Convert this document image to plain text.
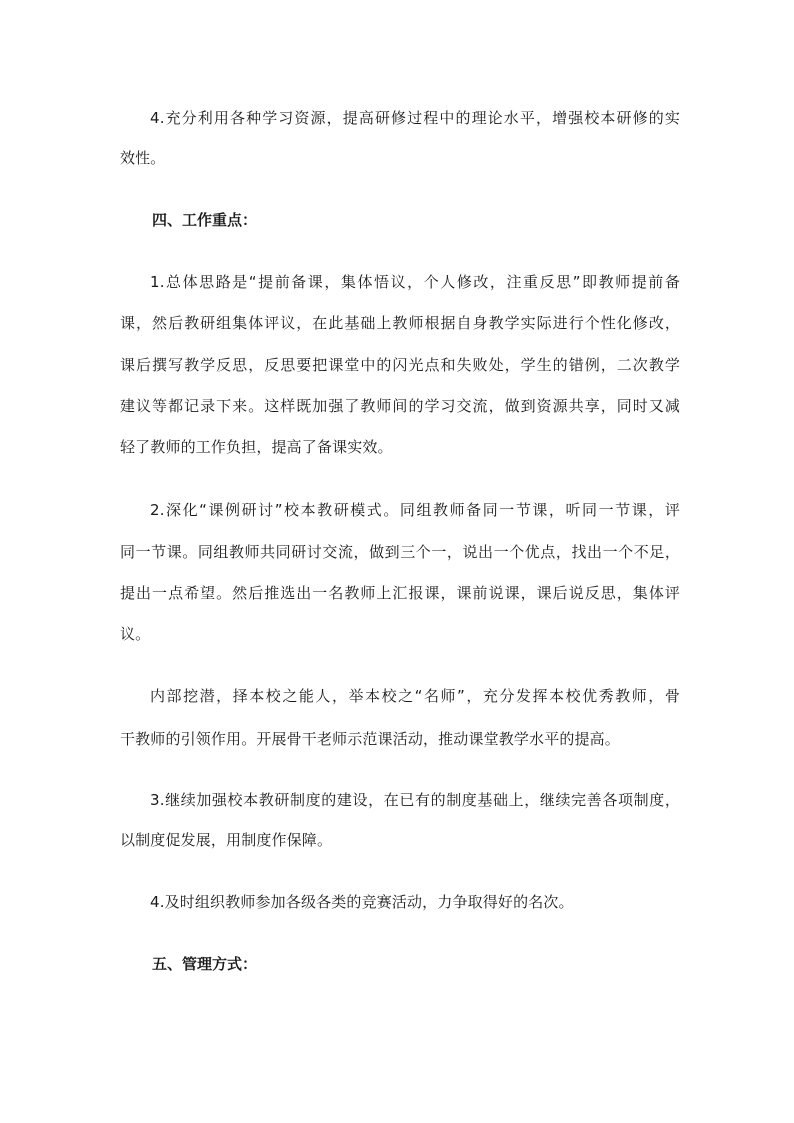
4.充分利用各种学习资源，提高研修过程中的理论水平，增强校本研修的实
效性。
四、工作重点：
1.总体思路是“提前备课，集体悟议，个人修改，注重反思”即教师提前备
课，然后教研组集体评议，在此基础上教师根据自身教学实际进行个性化修改，
课后撰写教学反思，反思要把课堂中的闪光点和失败处，学生的错例，二次教学
建议等都记录下来。这样既加强了教师间的学习交流，做到资源共享，同时又减
轻了教师的工作负担，提高了备课实效。
2.深化“课例研讨”校本教研模式。同组教师备同一节课，听同一节课，评
同一节课。同组教师共同研讨交流，做到三个一，说出一个优点，找出一个不足，
提出一点希望。然后推选出一名教师上汇报课，课前说课，课后说反思，集体评
议。
内部挖潜，择本校之能人，举本校之“名师”，充分发挥本校优秀教师，骨
干教师的引领作用。开展骨干老师示范课活动，推动课堂教学水平的提高。
3.继续加强校本教研制度的建设，在已有的制度基础上，继续完善各项制度，
以制度促发展，用制度作保障。
4.及时组织教师参加各级各类的竞赛活动，力争取得好的名次。
五、管理方式：
